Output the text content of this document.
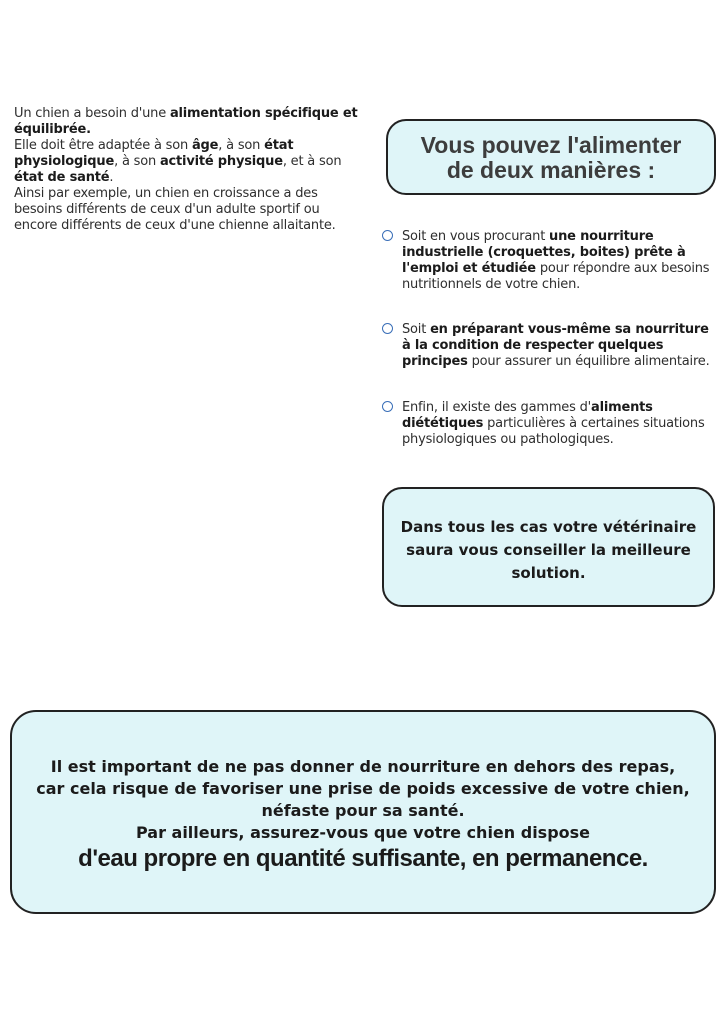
Un chien a besoin d'une alimentation spécifique et équilibrée.

Elle doit être adaptée à son âge, à son état physiologique, à son activité physique, et à son état de santé.

Ainsi par exemple, un chien en croissance a des besoins différents de ceux d'un adulte sportif ou encore différents de ceux d'une chienne allaitante.

Vous pouvez l'alimenter
de deux manières :
Soit en vous procurant une nourriture industrielle (croquettes, boites) prête à l'emploi et étudiée pour répondre aux besoins nutritionnels de votre chien.
Soit en préparant vous-même sa nourriture à la condition de respecter quelques principes pour assurer un équilibre alimentaire.
Enfin, il existe des gammes d'aliments diététiques particulières à certaines situations physiologiques ou pathologiques.
Dans tous les cas votre vétérinaire
saura vous conseiller la meilleure
solution.
Il est important de ne pas donner de nourriture en dehors des repas,
car cela risque de favoriser une prise de poids excessive de votre chien,
néfaste pour sa santé.
Par ailleurs, assurez-vous que votre chien dispose
d'eau propre en quantité suffisante, en permanence.
